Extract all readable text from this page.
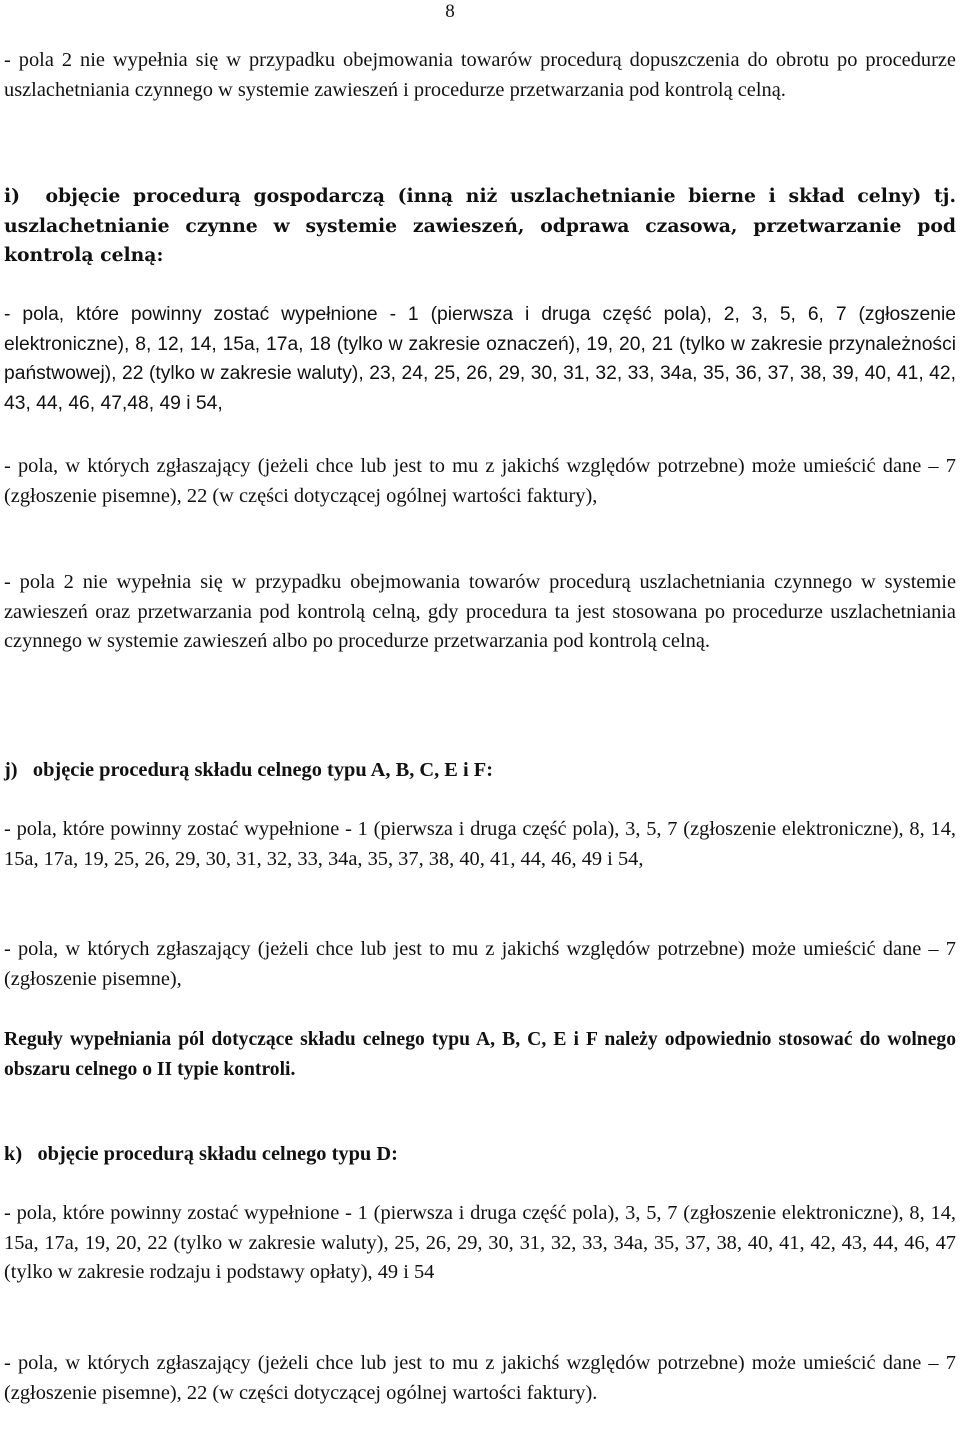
8

- pola 2 nie wypełnia się w przypadku obejmowania towarów procedurą dopuszczenia do obrotu po procedurze uszlachetniania czynnego w systemie zawieszeń i procedurze przetwarzania pod kontrolą celną.

i) objęcie procedurą gospodarczą (inną niż uszlachetnianie bierne i skład celny) tj. uszlachetnianie czynne w systemie zawieszeń, odprawa czasowa, przetwarzanie pod kontrolą celną:

- pola, które powinny zostać wypełnione - 1 (pierwsza i druga część pola), 2, 3, 5, 6, 7 (zgłoszenie elektroniczne), 8, 12, 14, 15a, 17a, 18 (tylko w zakresie oznaczeń), 19, 20, 21 (tylko w zakresie przynależności państwowej), 22 (tylko w zakresie waluty), 23, 24, 25, 26, 29, 30, 31, 32, 33, 34a, 35, 36, 37, 38, 39, 40, 41, 42, 43, 44, 46, 47,48, 49 i 54,

- pola, w których zgłaszający (jeżeli chce lub jest to mu z jakichś względów potrzebne) może umieścić dane – 7 (zgłoszenie pisemne), 22 (w części dotyczącej ogólnej wartości faktury),

- pola 2 nie wypełnia się w przypadku obejmowania towarów procedurą uszlachetniania czynnego w systemie zawieszeń oraz przetwarzania pod kontrolą celną, gdy procedura ta jest stosowana po procedurze uszlachetniania czynnego w systemie zawieszeń albo po procedurze przetwarzania pod kontrolą celną.

j) objęcie procedurą składu celnego typu A, B, C, E i F:

- pola, które powinny zostać wypełnione - 1 (pierwsza i druga część pola), 3, 5, 7 (zgłoszenie elektroniczne), 8, 14, 15a, 17a, 19, 25, 26, 29, 30, 31, 32, 33, 34a, 35, 37, 38, 40, 41, 44, 46, 49 i 54,

- pola, w których zgłaszający (jeżeli chce lub jest to mu z jakichś względów potrzebne) może umieścić dane – 7 (zgłoszenie pisemne),

Reguły wypełniania pól dotyczące składu celnego typu A, B, C, E i F należy odpowiednio stosować do wolnego obszaru celnego o II typie kontroli.

k) objęcie procedurą składu celnego typu D:

- pola, które powinny zostać wypełnione - 1 (pierwsza i druga część pola), 3, 5, 7 (zgłoszenie elektroniczne), 8, 14, 15a, 17a, 19, 20, 22 (tylko w zakresie waluty), 25, 26, 29, 30, 31, 32, 33, 34a, 35, 37, 38, 40, 41, 42, 43, 44, 46, 47 (tylko w zakresie rodzaju i podstawy opłaty), 49 i 54

- pola, w których zgłaszający (jeżeli chce lub jest to mu z jakichś względów potrzebne) może umieścić dane – 7 (zgłoszenie pisemne), 22 (w części dotyczącej ogólnej wartości faktury).
